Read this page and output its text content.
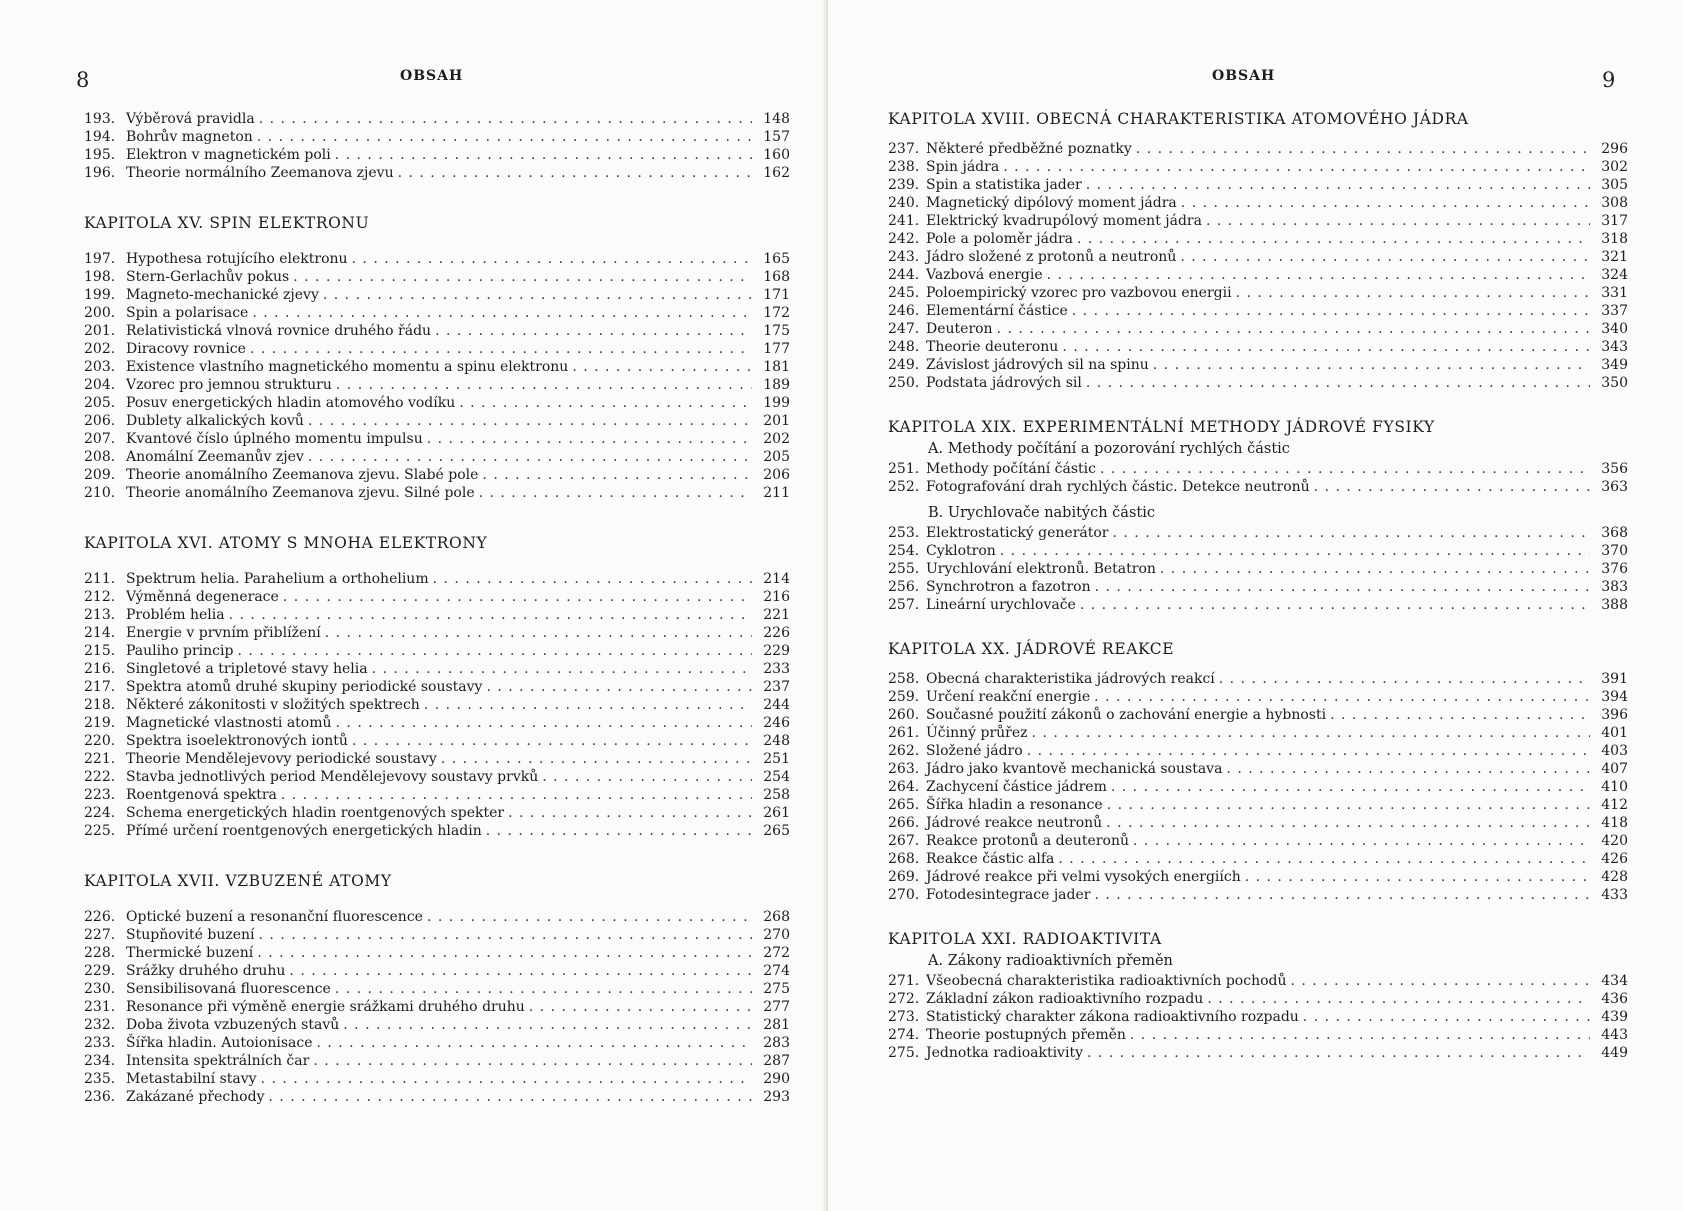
8	OBSAH
193. Výběrová pravidla . . .	148
194. Bohrův magneton . . .	157
195. Elektron v magnetickém poli . . .	160
196. Theorie normálního Zeemanova zjevu . . .	162
KAPITOLA XV. SPIN ELEKTRONU
197. Hypothesa rotujícího elektronu . . .	165
198. Stern-Gerlachův pokus . . .	168
199. Magneto-mechanické zjevy . . .	171
200. Spin a polarisace . . .	172
201. Relativistická vlnová rovnice druhého řádu . . .	175
202. Diracovy rovnice . . .	177
203. Existence vlastního magnetického momentu a spinu elektronu . . .	181
204. Vzorec pro jemnou strukturu . . .	189
205. Posuv energetických hladin atomového vodíku . . .	199
206. Dublety alkalických kovů . . .	201
207. Kvantové číslo úplného momentu impulsu . . .	202
208. Anomální Zeemanův zjev . . .	205
209. Theorie anomálního Zeemanova zjevu. Slabé pole . . .	206
210. Theorie anomálního Zeemanova zjevu. Silné pole . . .	211
KAPITOLA XVI. ATOMY S MNOHA ELEKTRONY
211. Spektrum helia. Parahelium a orthohelium . . .	214
212. Výměnná degenerace . . .	216
213. Problém helia . . .	221
214. Energie v prvním přiblížení . . .	226
215. Pauliho princip . . .	229
216. Singletové a tripletové stavy helia . . .	233
217. Spektra atomů druhé skupiny periodické soustavy . . .	237
218. Některé zákonitosti v složitých spektrech . . .	244
219. Magnetické vlastnosti atomů . . .	246
220. Spektra isoelektronových iontů . . .	248
221. Theorie Mendělejevovy periodické soustavy . . .	251
222. Stavba jednotlivých period Mendělejevovy soustavy prvků . . .	254
223. Roentgenová spektra . . .	258
224. Schema energetických hladin roentgenových spekter . . .	261
225. Přímé určení roentgenových energetických hladin . . .	265
KAPITOLA XVII. VZBUZENÉ ATOMY
226. Optické buzení a resonanční fluorescence . . .	268
227. Stupňovité buzení . . .	270
228. Thermické buzení . . .	272
229. Srážky druhého druhu . . .	274
230. Sensibilisovaná fluorescence . . .	275
231. Resonance při výměně energie srážkami druhého druhu . . .	277
232. Doba života vzbuzených stavů . . .	281
233. Šířka hladin. Autoionisace . . .	283
234. Intensita spektrálních čar . . .	287
235. Metastabilní stavy . . .	290
236. Zakázané přechody . . .	293
OBSAH	9
KAPITOLA XVIII. OBECNÁ CHARAKTERISTIKA ATOMOVÉHO JÁDRA
237. Některé předběžné poznatky . . .	296
238. Spin jádra . . .	302
239. Spin a statistika jader . . .	305
240. Magnetický dipólový moment jádra . . .	308
241. Elektrický kvadrupólový moment jádra . . .	317
242. Pole a poloměr jádra . . .	318
243. Jádro složené z protonů a neutronů . . .	321
244. Vazbová energie . . .	324
245. Poloempirický vzorec pro vazbovou energii . . .	331
246. Elementární částice . . .	337
247. Deuteron . . .	340
248. Theorie deuteronu . . .	343
249. Závislost jádrových sil na spinu . . .	349
250. Podstata jádrových sil . . .	350
KAPITOLA XIX. EXPERIMENTÁLNÍ METHODY JÁDROVÉ FYSIKY
A. Methody počítání a pozorování rychlých částic
251. Methody počítání částic . . .	356
252. Fotografování drah rychlých částic. Detekce neutronů . . .	363
B. Urychlovače nabitých částic
253. Elektrostatický generátor . . .	368
254. Cyklotron . . .	370
255. Urychlování elektronů. Betatron . . .	376
256. Synchrotron a fazotron . . .	383
257. Lineární urychlovače . . .	388
KAPITOLA XX. JÁDROVÉ REAKCE
258. Obecná charakteristika jádrových reakcí . . .	391
259. Určení reakční energie . . .	394
260. Současné použití zákonů o zachování energie a hybnosti . . .	396
261. Účinný průřez . . .	401
262. Složené jádro . . .	403
263. Jádro jako kvantově mechanická soustava . . .	407
264. Zachycení částice jádrem . . .	410
265. Šířka hladin a resonance . . .	412
266. Jádrové reakce neutronů . . .	418
267. Reakce protonů a deuteronů . . .	420
268. Reakce částic alfa . . .	426
269. Jádrové reakce při velmi vysokých energiích . . .	428
270. Fotodesintegrace jader . . .	433
KAPITOLA XXI. RADIOAKTIVITA
A. Zákony radioaktivních přeměn
271. Všeobecná charakteristika radioaktivních pochodů . . .	434
272. Základní zákon radioaktivního rozpadu . . .	436
273. Statistický charakter zákona radioaktivního rozpadu . . .	439
274. Theorie postupných přeměn . . .	443
275. Jednotka radioaktivity . . .	449
